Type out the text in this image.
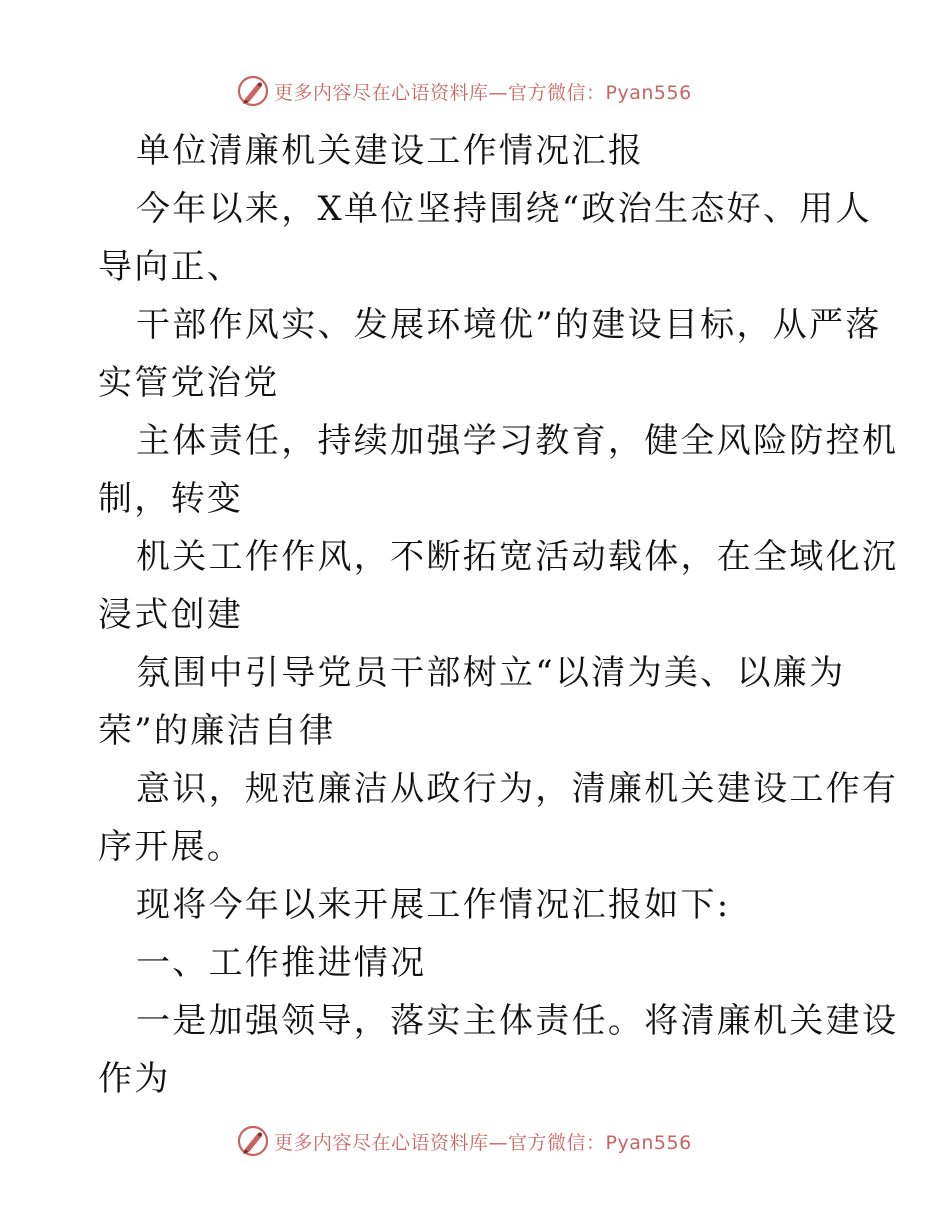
更多内容尽在心语资料库—官方微信：Pyan556
单位清廉机关建设工作情况汇报
今年以来，X单位坚持围绕“政治生态好、用人
导向正、
干部作风实、发展环境优”的建设目标，从严落
实管党治党
主体责任，持续加强学习教育，健全风险防控机
制，转变
机关工作作风，不断拓宽活动载体，在全域化沉
浸式创建
氛围中引导党员干部树立“以清为美、以廉为
荣”的廉洁自律
意识，规范廉洁从政行为，清廉机关建设工作有
序开展。
现将今年以来开展工作情况汇报如下:
一、工作推进情况
一是加强领导，落实主体责任。将清廉机关建设
作为
更多内容尽在心语资料库—官方微信：Pyan556
